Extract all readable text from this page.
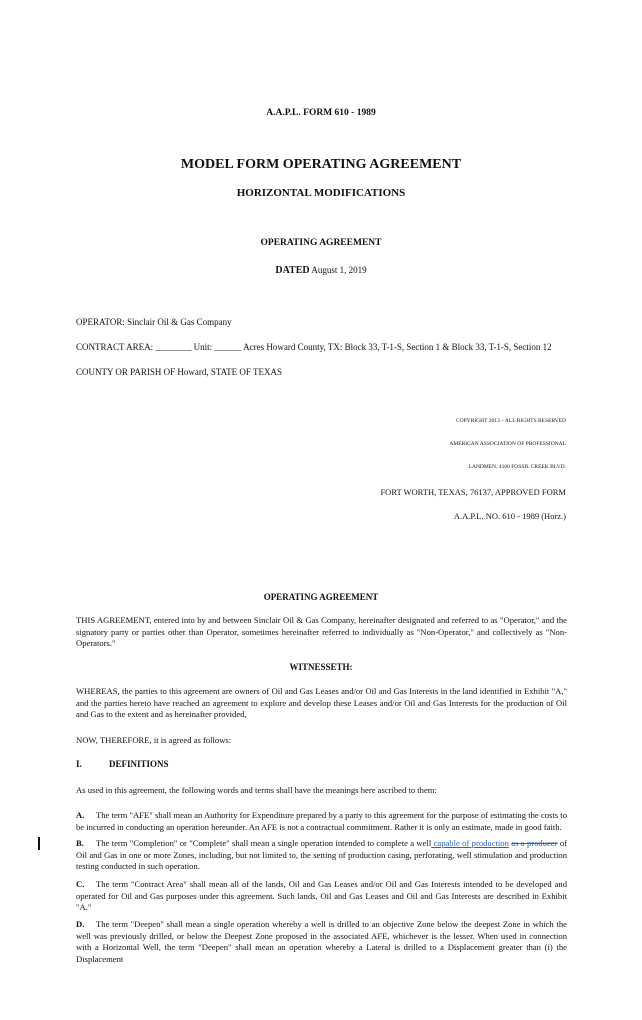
A.A.P.L. FORM 610 - 1989
MODEL FORM OPERATING AGREEMENT
HORIZONTAL MODIFICATIONS
OPERATING AGREEMENT
DATED August 1, 2019
OPERATOR: Sinclair Oil & Gas Company
CONTRACT AREA: ________ Unit: ______ Acres Howard County, TX: Block 33, T-1-S, Section 1 & Block 33, T-1-S, Section 12
COUNTY OR PARISH OF Howard, STATE OF TEXAS
COPYRIGHT 2013 – ALL RIGHTS RESERVED
AMERICAN ASSOCIATION OF PROFESSIONAL
LANDMEN, 4100 FOSSIL CREEK BLVD.
FORT WORTH, TEXAS, 76137, APPROVED FORM
A.A.P.L. NO. 610 - 1989 (Horz.)
OPERATING AGREEMENT
THIS AGREEMENT, entered into by and between Sinclair Oil & Gas Company, hereinafter designated and referred to as "Operator," and the signatory party or parties other than Operator, sometimes hereinafter referred to individually as "Non-Operator," and collectively as "Non-Operators."
WITNESSETH:
WHEREAS, the parties to this agreement are owners of Oil and Gas Leases and/or Oil and Gas Interests in the land identified in Exhibit "A," and the parties hereto have reached an agreement to explore and develop these Leases and/or Oil and Gas Interests for the production of Oil and Gas to the extent and as hereinafter provided,
NOW, THEREFORE, it is agreed as follows:
I.	DEFINITIONS
As used in this agreement, the following words and terms shall have the meanings here ascribed to them:
A. The term "AFE" shall mean an Authority for Expenditure prepared by a party to this agreement for the purpose of estimating the costs to be incurred in conducting an operation hereunder. An AFE is not a contractual commitment. Rather it is only an estimate, made in good faith.
B. The term "Completion" or "Complete" shall mean a single operation intended to complete a well capable of production as a producer of Oil and Gas in one or more Zones, including, but not limited to, the setting of production casing, perforating, well stimulation and production testing conducted in such operation.
C. The term "Contract Area" shall mean all of the lands, Oil and Gas Leases and/or Oil and Gas Interests intended to be developed and operated for Oil and Gas purposes under this agreement. Such lands, Oil and Gas Leases and Oil and Gas Interests are described in Exhibit "A."
D. The term "Deepen" shall mean a single operation whereby a well is drilled to an objective Zone below the deepest Zone in which the well was previously drilled, or below the Deepest Zone proposed in the associated AFE, whichever is the lesser. When used in connection with a Horizontal Well, the term "Deepen" shall mean an operation whereby a Lateral is drilled to a Displacement greater than (i) the Displacement
